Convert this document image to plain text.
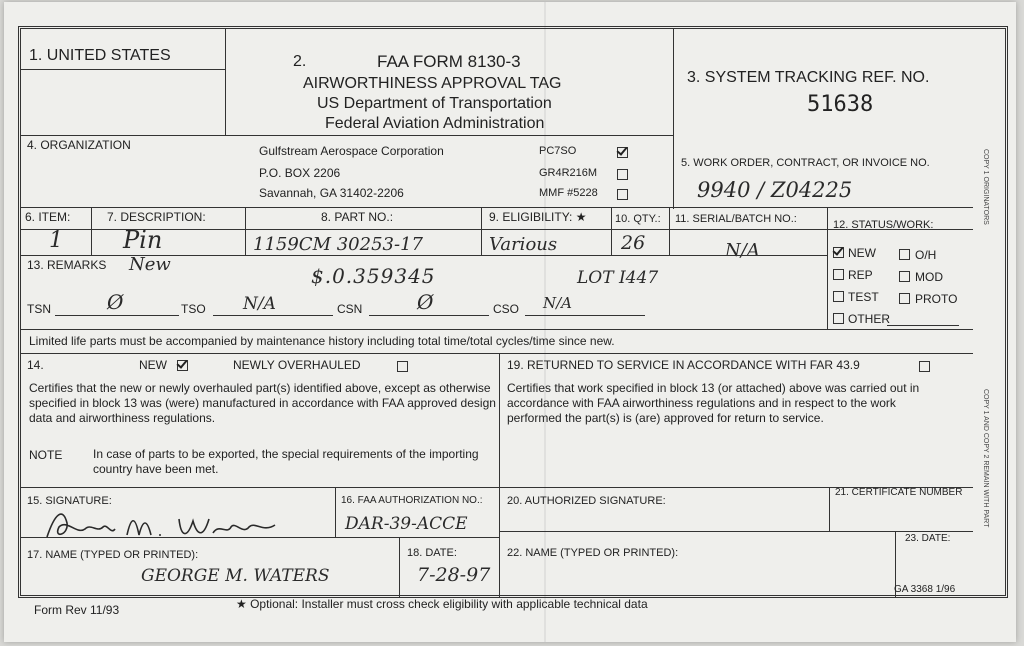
1. UNITED STATES	2.	FAA FORM 8130-3
AIRWORTHINESS APPROVAL TAG
US Department of Transportation
Federal Aviation Administration
3. SYSTEM TRACKING REF. NO.
51638
4. ORGANIZATION	Gulfstream Aerospace Corporation
P.O. BOX 2206
Savannah, GA 31402-2206
PC7SO
GR4R216M
MMF #5228
5. WORK ORDER, CONTRACT, OR INVOICE NO.
9940 / Z04225
6. ITEM:	7. DESCRIPTION:	8. PART NO.:	9. ELIGIBILITY: ★	10. QTY.: 11. SERIAL/BATCH NO.:	12. STATUS/WORK:
1	Pin	1159CM 30253-17	Various	26	N/A	NEW	O/H
REP	MOD
TEST	PROTO
OTHER
13. REMARKS New	$.0.359345	LOT I447
TSN	Ø	TSO N/A	CSN	Ø	CSO N/A
Limited life parts must be accompanied by maintenance history including total time/total cycles/time since new.
14.	NEW	NEWLY OVERHAULED
Certifies that the new or newly overhauled part(s) identified above, except as otherwise specified in block 13 was (were) manufactured in accordance with FAA approved design data and airworthiness regulations.
NOTE	In case of parts to be exported, the special requirements of the importing country have been met.
19. RETURNED TO SERVICE IN ACCORDANCE WITH FAR 43.9
Certifies that work specified in block 13 (or attached) above was carried out in accordance with FAA airworthiness regulations and in respect to the work performed the part(s) is (are) approved for return to service.
15. SIGNATURE:	16. FAA AUTHORIZATION NO.:
DAR-39-ACCE
20. AUTHORIZED SIGNATURE:
21. CERTIFICATE NUMBER
17. NAME (TYPED OR PRINTED):
GEORGE M. WATERS
18. DATE:
7-28-97
22. NAME (TYPED OR PRINTED):
23. DATE:
COPY 1 ORIGINATORS
COPY 1 AND COPY 2 REMAIN WITH PART
Form Rev 11/93	★ Optional: Installer must cross check eligibility with applicable technical data
GA 3368 1/96
